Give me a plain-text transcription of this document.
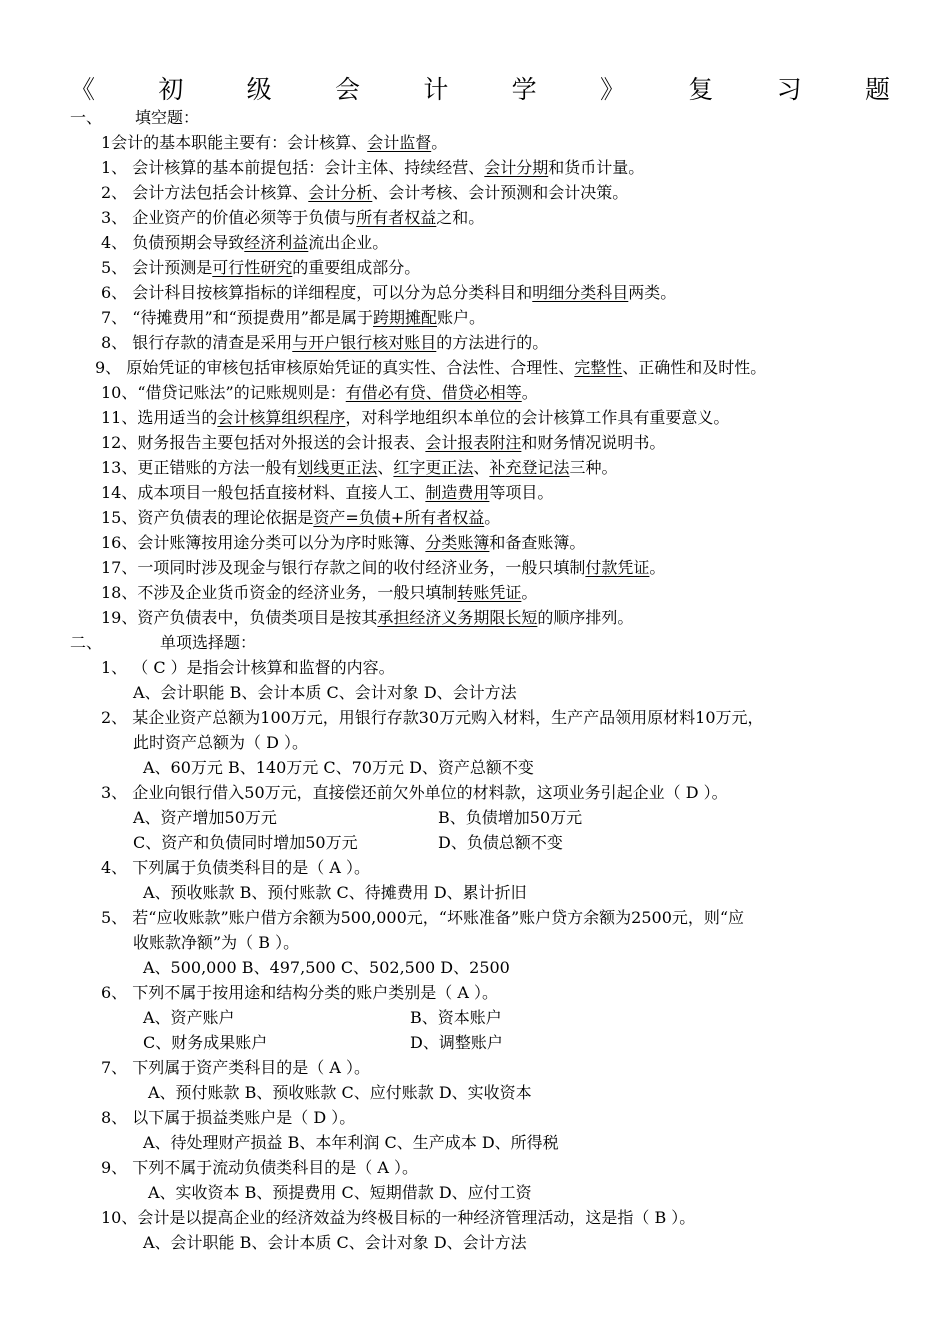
《	初	级	会	计	学	》	复	习	题
一、 填空题：
1会计的基本职能主要有：会计核算、会计监督。
1、 会计核算的基本前提包括：会计主体、持续经营、会计分期和货币计量。
2、 会计方法包括会计核算、会计分析、会计考核、会计预测和会计决策。
3、 企业资产的价值必须等于负债与所有者权益之和。
4、 负债预期会导致经济利益流出企业。
5、 会计预测是可行性研究的重要组成部分。
6、 会计科目按核算指标的详细程度，可以分为总分类科目和明细分类科目两类。
7、 “待摊费用”和“预提费用”都是属于跨期摊配账户。
8、 银行存款的清查是采用与开户银行核对账目的方法进行的。
9、 原始凭证的审核包括审核原始凭证的真实性、合法性、合理性、完整性、正确性和及时性。
10、“借贷记账法”的记账规则是：有借必有贷、借贷必相等。
11、选用适当的会计核算组织程序，对科学地组织本单位的会计核算工作具有重要意义。
12、财务报告主要包括对外报送的会计报表、会计报表附注和财务情况说明书。
13、更正错账的方法一般有划线更正法、红字更正法、补充登记法三种。
14、成本项目一般包括直接材料、直接人工、制造费用等项目。
15、资产负债表的理论依据是资产=负债+所有者权益。
16、会计账簿按用途分类可以分为序时账簿、分类账簿和备查账簿。
17、一项同时涉及现金与银行存款之间的收付经济业务，一般只填制付款凭证。
18、不涉及企业货币资金的经济业务，一般只填制转账凭证。
19、资产负债表中，负债类项目是按其承担经济义务期限长短的顺序排列。
二、	单项选择题：
1、 （ C ）是指会计核算和监督的内容。
A、会计职能 B、会计本质 C、会计对象 D、会计方法
2、 某企业资产总额为100万元，用银行存款30万元购入材料，生产产品领用原材料10万元，
此时资产总额为（ D ）。
A、60万元 B、140万元 C、70万元 D、资产总额不变
3、 企业向银行借入50万元，直接偿还前欠外单位的材料款，这项业务引起企业（ D ）。
A、资产增加50万元	B、负债增加50万元
C、资产和负债同时增加50万元	D、负债总额不变
4、 下列属于负债类科目的是（ A ）。
A、预收账款 B、预付账款 C、待摊费用 D、累计折旧
5、 若“应收账款”账户借方余额为500,000元，“坏账准备”账户贷方余额为2500元，则“应
收账款净额”为（ B ）。
A、500,000 B、497,500 C、502,500 D、2500
6、 下列不属于按用途和结构分类的账户类别是（ A ）。
A、资产账户	B、资本账户
C、财务成果账户	D、调整账户
7、 下列属于资产类科目的是（ A ）。
A、预付账款 B、预收账款 C、应付账款 D、实收资本
8、 以下属于损益类账户是（ D ）。
A、待处理财产损益 B、本年利润 C、生产成本 D、所得税
9、 下列不属于流动负债类科目的是（ A ）。
A、实收资本 B、预提费用 C、短期借款 D、应付工资
10、会计是以提高企业的经济效益为终极目标的一种经济管理活动，这是指（ B ）。
A、会计职能 B、会计本质 C、会计对象 D、会计方法
